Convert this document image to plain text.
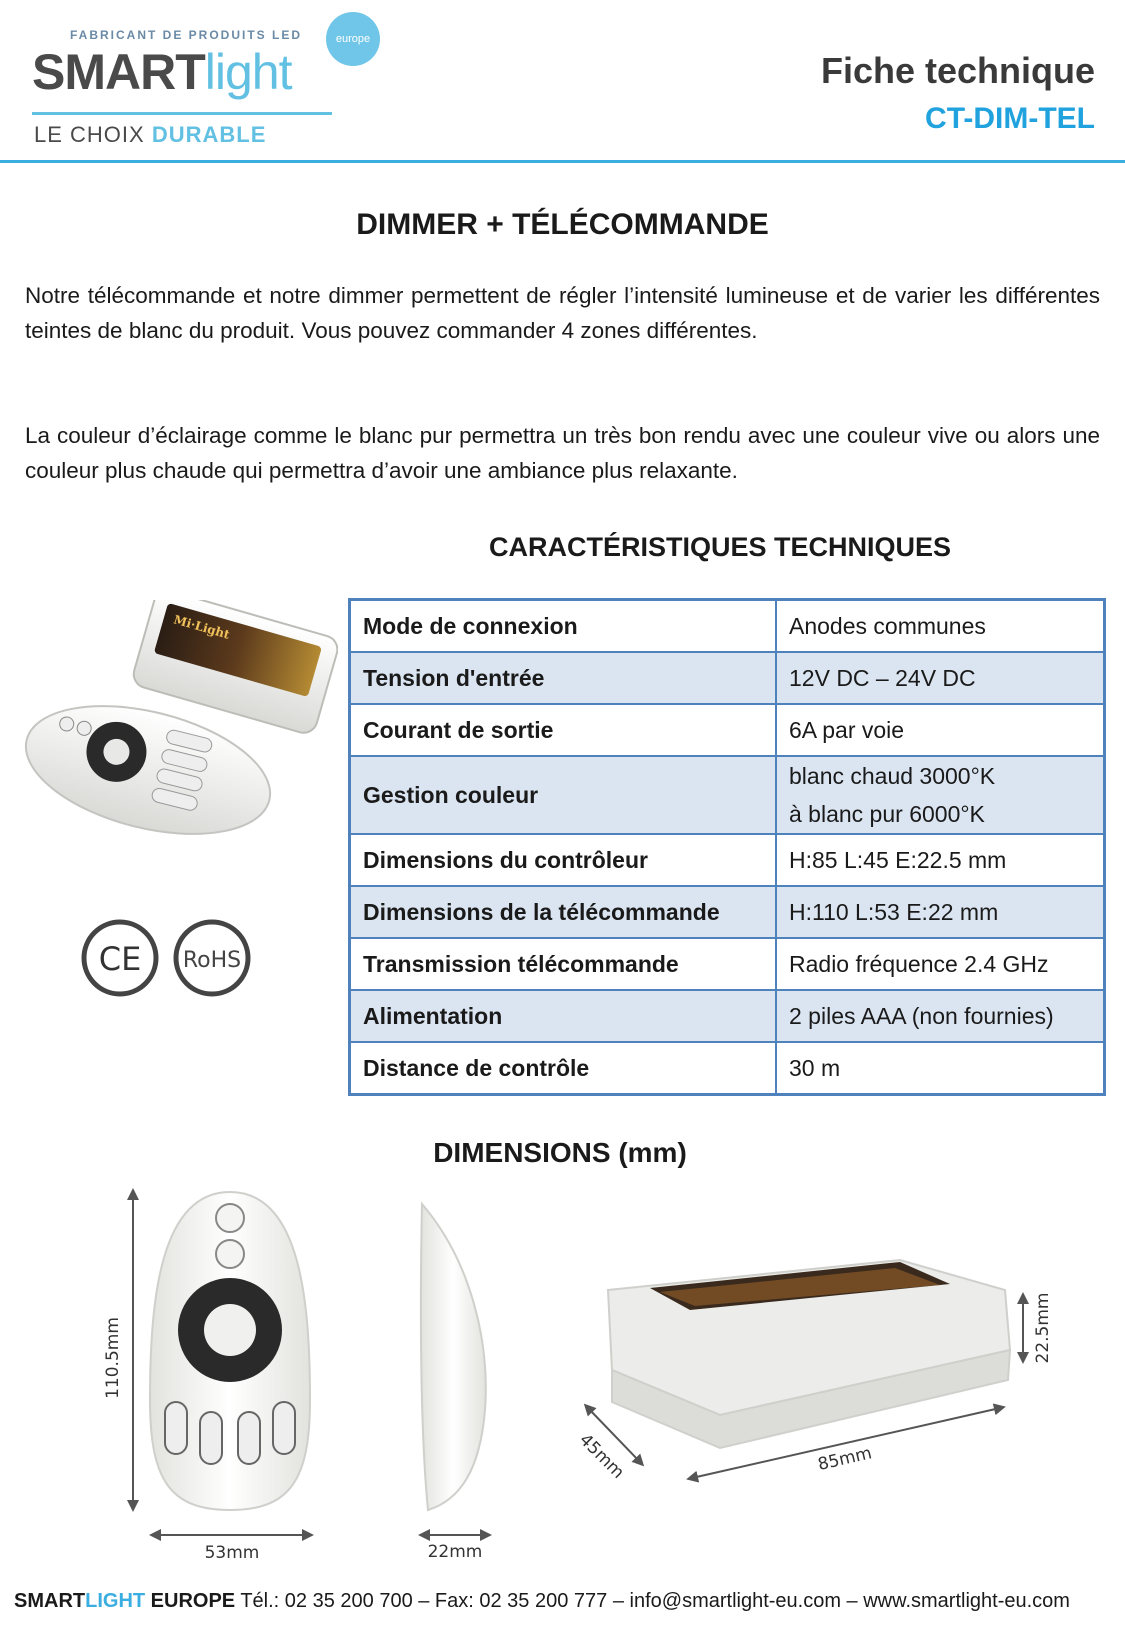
FABRICANT DE PRODUITS LED
SMARTlight
europe
LE CHOIX DURABLE
Fiche technique
CT-DIM-TEL
DIMMER + TÉLÉCOMMANDE
Notre télécommande et notre dimmer permettent de régler l’intensité lumineuse et de varier les différentes teintes de blanc du produit. Vous pouvez commander 4 zones différentes.
La couleur d’éclairage comme le blanc pur permettra un très bon rendu avec une couleur vive ou alors une couleur plus chaude qui permettra d’avoir une ambiance plus relaxante.
CARACTÉRISTIQUES TECHNIQUES
Mi·Light
CE RoHS
Mode de connexion	Anodes communes
Tension d'entrée	12V DC – 24V DC
Courant de sortie	6A par voie
Gestion couleur	blanc chaud 3000°K
à blanc pur 6000°K

Dimensions du contrôleur	H:85 L:45 E:22.5 mm
Dimensions de la télécommande	H:110 L:53 E:22 mm
Transmission télécommande	Radio fréquence 2.4 GHz
Alimentation	2 piles AAA (non fournies)
Distance de contrôle	30 m
DIMENSIONS (mm)
110.5mm
53mm	22mm
22.5mm
45mm	85mm
SMARTLIGHT EUROPE Tél.: 02 35 200 700 – Fax: 02 35 200 777 – info@smartlight-eu.com – www.smartlight-eu.com
